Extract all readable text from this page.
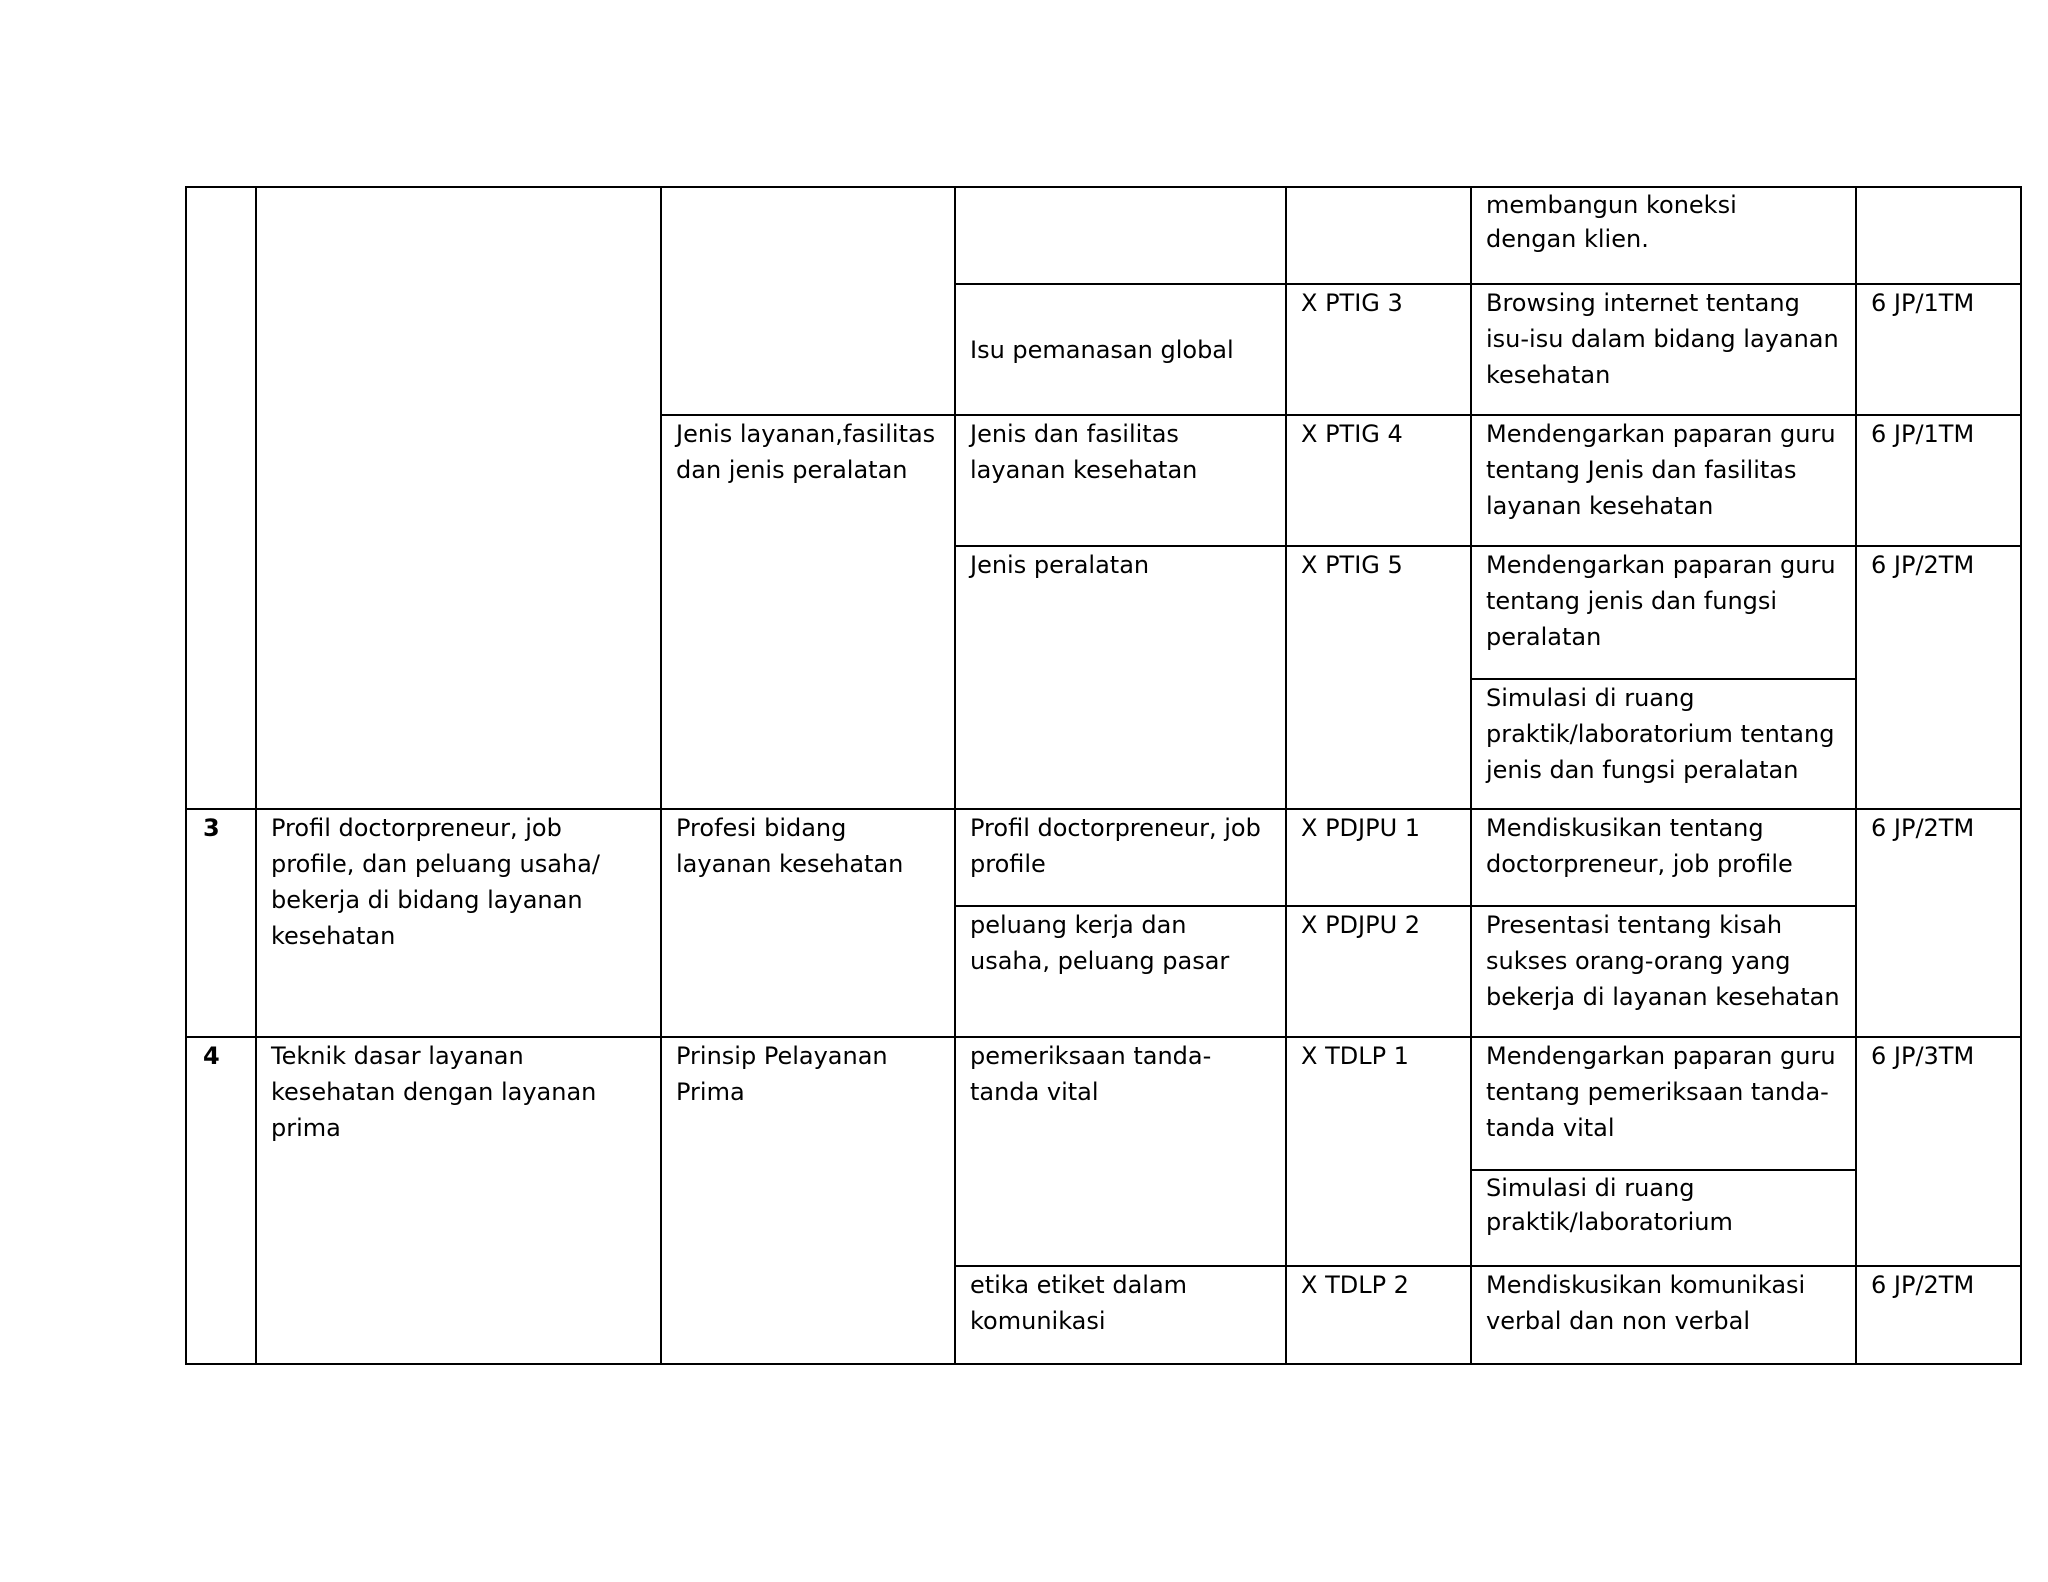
					membangun koneksi
dengan klien.	
			Isu pemanasan global	X PTIG 3	Browsing internet tentang isu-isu dalam bidang layanan kesehatan	6 JP/1TM
		Jenis layanan,fasilitas dan jenis peralatan	Jenis dan fasilitas layanan kesehatan	X PTIG 4	Mendengarkan paparan guru tentang Jenis dan fasilitas layanan kesehatan	6 JP/1TM
			Jenis peralatan	X PTIG 5	Mendengarkan paparan guru tentang jenis dan fungsi peralatan	6 JP/2TM
					Simulasi di ruang praktik/laboratorium tentang jenis dan fungsi peralatan	
3	Profil doctorpreneur, job profile, dan peluang usaha/ bekerja di bidang layanan kesehatan	Profesi bidang layanan kesehatan	Profil doctorpreneur, job profile	X PDJPU 1	Mendiskusikan tentang doctorpreneur, job profile	6 JP/2TM
			peluang kerja dan usaha, peluang pasar	X PDJPU 2	Presentasi tentang kisah sukses orang-orang yang bekerja di layanan kesehatan	
4	Teknik dasar layanan kesehatan dengan layanan prima	Prinsip Pelayanan Prima	pemeriksaan tanda-tanda vital	X TDLP 1	Mendengarkan paparan guru tentang pemeriksaan tanda-tanda vital	6 JP/3TM
					Simulasi di ruang praktik/laboratorium	
			etika etiket dalam komunikasi	X TDLP 2	Mendiskusikan komunikasi verbal dan non verbal	6 JP/2TM
